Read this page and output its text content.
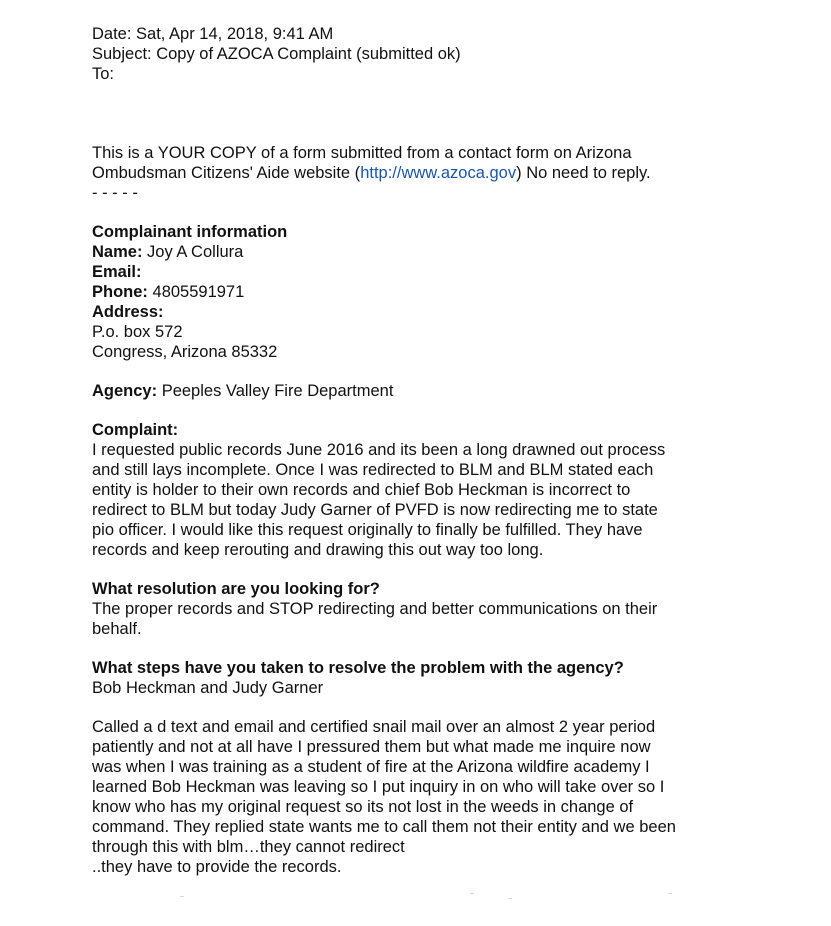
Date: Sat, Apr 14, 2018, 9:41 AM
Subject: Copy of AZOCA Complaint (submitted ok)
To:
This is a YOUR COPY of a form submitted from a contact form on Arizona
Ombudsman Citizens' Aide website (http://www.azoca.gov) No need to reply.
- - - - -
Complainant information
Name: Joy A Collura
Email:
Phone: 4805591971
Address:
P.o. box 572
Congress, Arizona 85332
Agency: Peeples Valley Fire Department
Complaint:
I requested public records June 2016 and its been a long drawned out process
and still lays incomplete. Once I was redirected to BLM and BLM stated each
entity is holder to their own records and chief Bob Heckman is incorrect to
redirect to BLM but today Judy Garner of PVFD is now redirecting me to state
pio officer. I would like this request originally to finally be fulfilled. They have
records and keep rerouting and drawing this out way too long.
What resolution are you looking for?
The proper records and STOP redirecting and better communications on their
behalf.
What steps have you taken to resolve the problem with the agency?
Bob Heckman and Judy Garner
Called a d text and email and certified snail mail over an almost 2 year period
patiently and not at all have I pressured them but what made me inquire now
was when I was training as a student of fire at the Arizona wildfire academy I
learned Bob Heckman was leaving so I put inquiry in on who will take over so I
know who has my original request so its not lost in the weeds in change of
command. They replied state wants me to call them not their entity and we been
through this with blm…they cannot redirect
..they have to provide the records.
